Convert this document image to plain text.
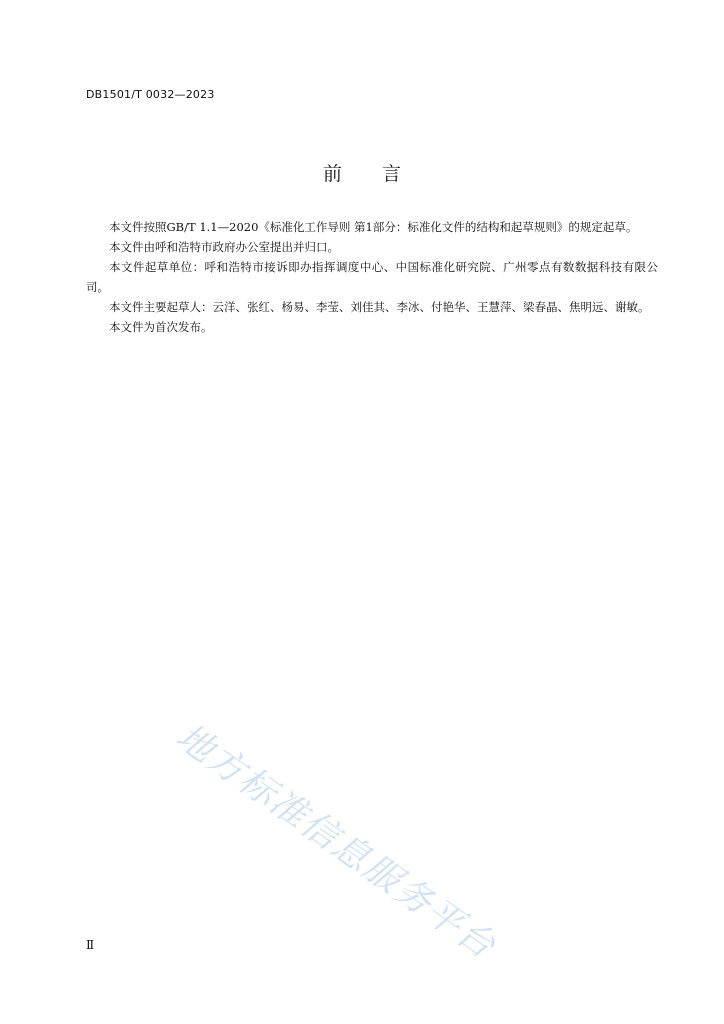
DB1501/T 0032—2023
前言

本文件按照GB/T 1.1—2020《标准化工作导则 第1部分：标准化文件的结构和起草规则》的规定起草。

本文件由呼和浩特市政府办公室提出并归口。

本文件起草单位：呼和浩特市接诉即办指挥调度中心、中国标准化研究院、广州零点有数数据科技有限公司。

本文件主要起草人：云洋、张红、杨易、李莹、刘佳其、李冰、付艳华、王慧萍、梁春晶、焦明远、谢敏。

本文件为首次发布。

地方标准信息服务平台
Ⅱ
